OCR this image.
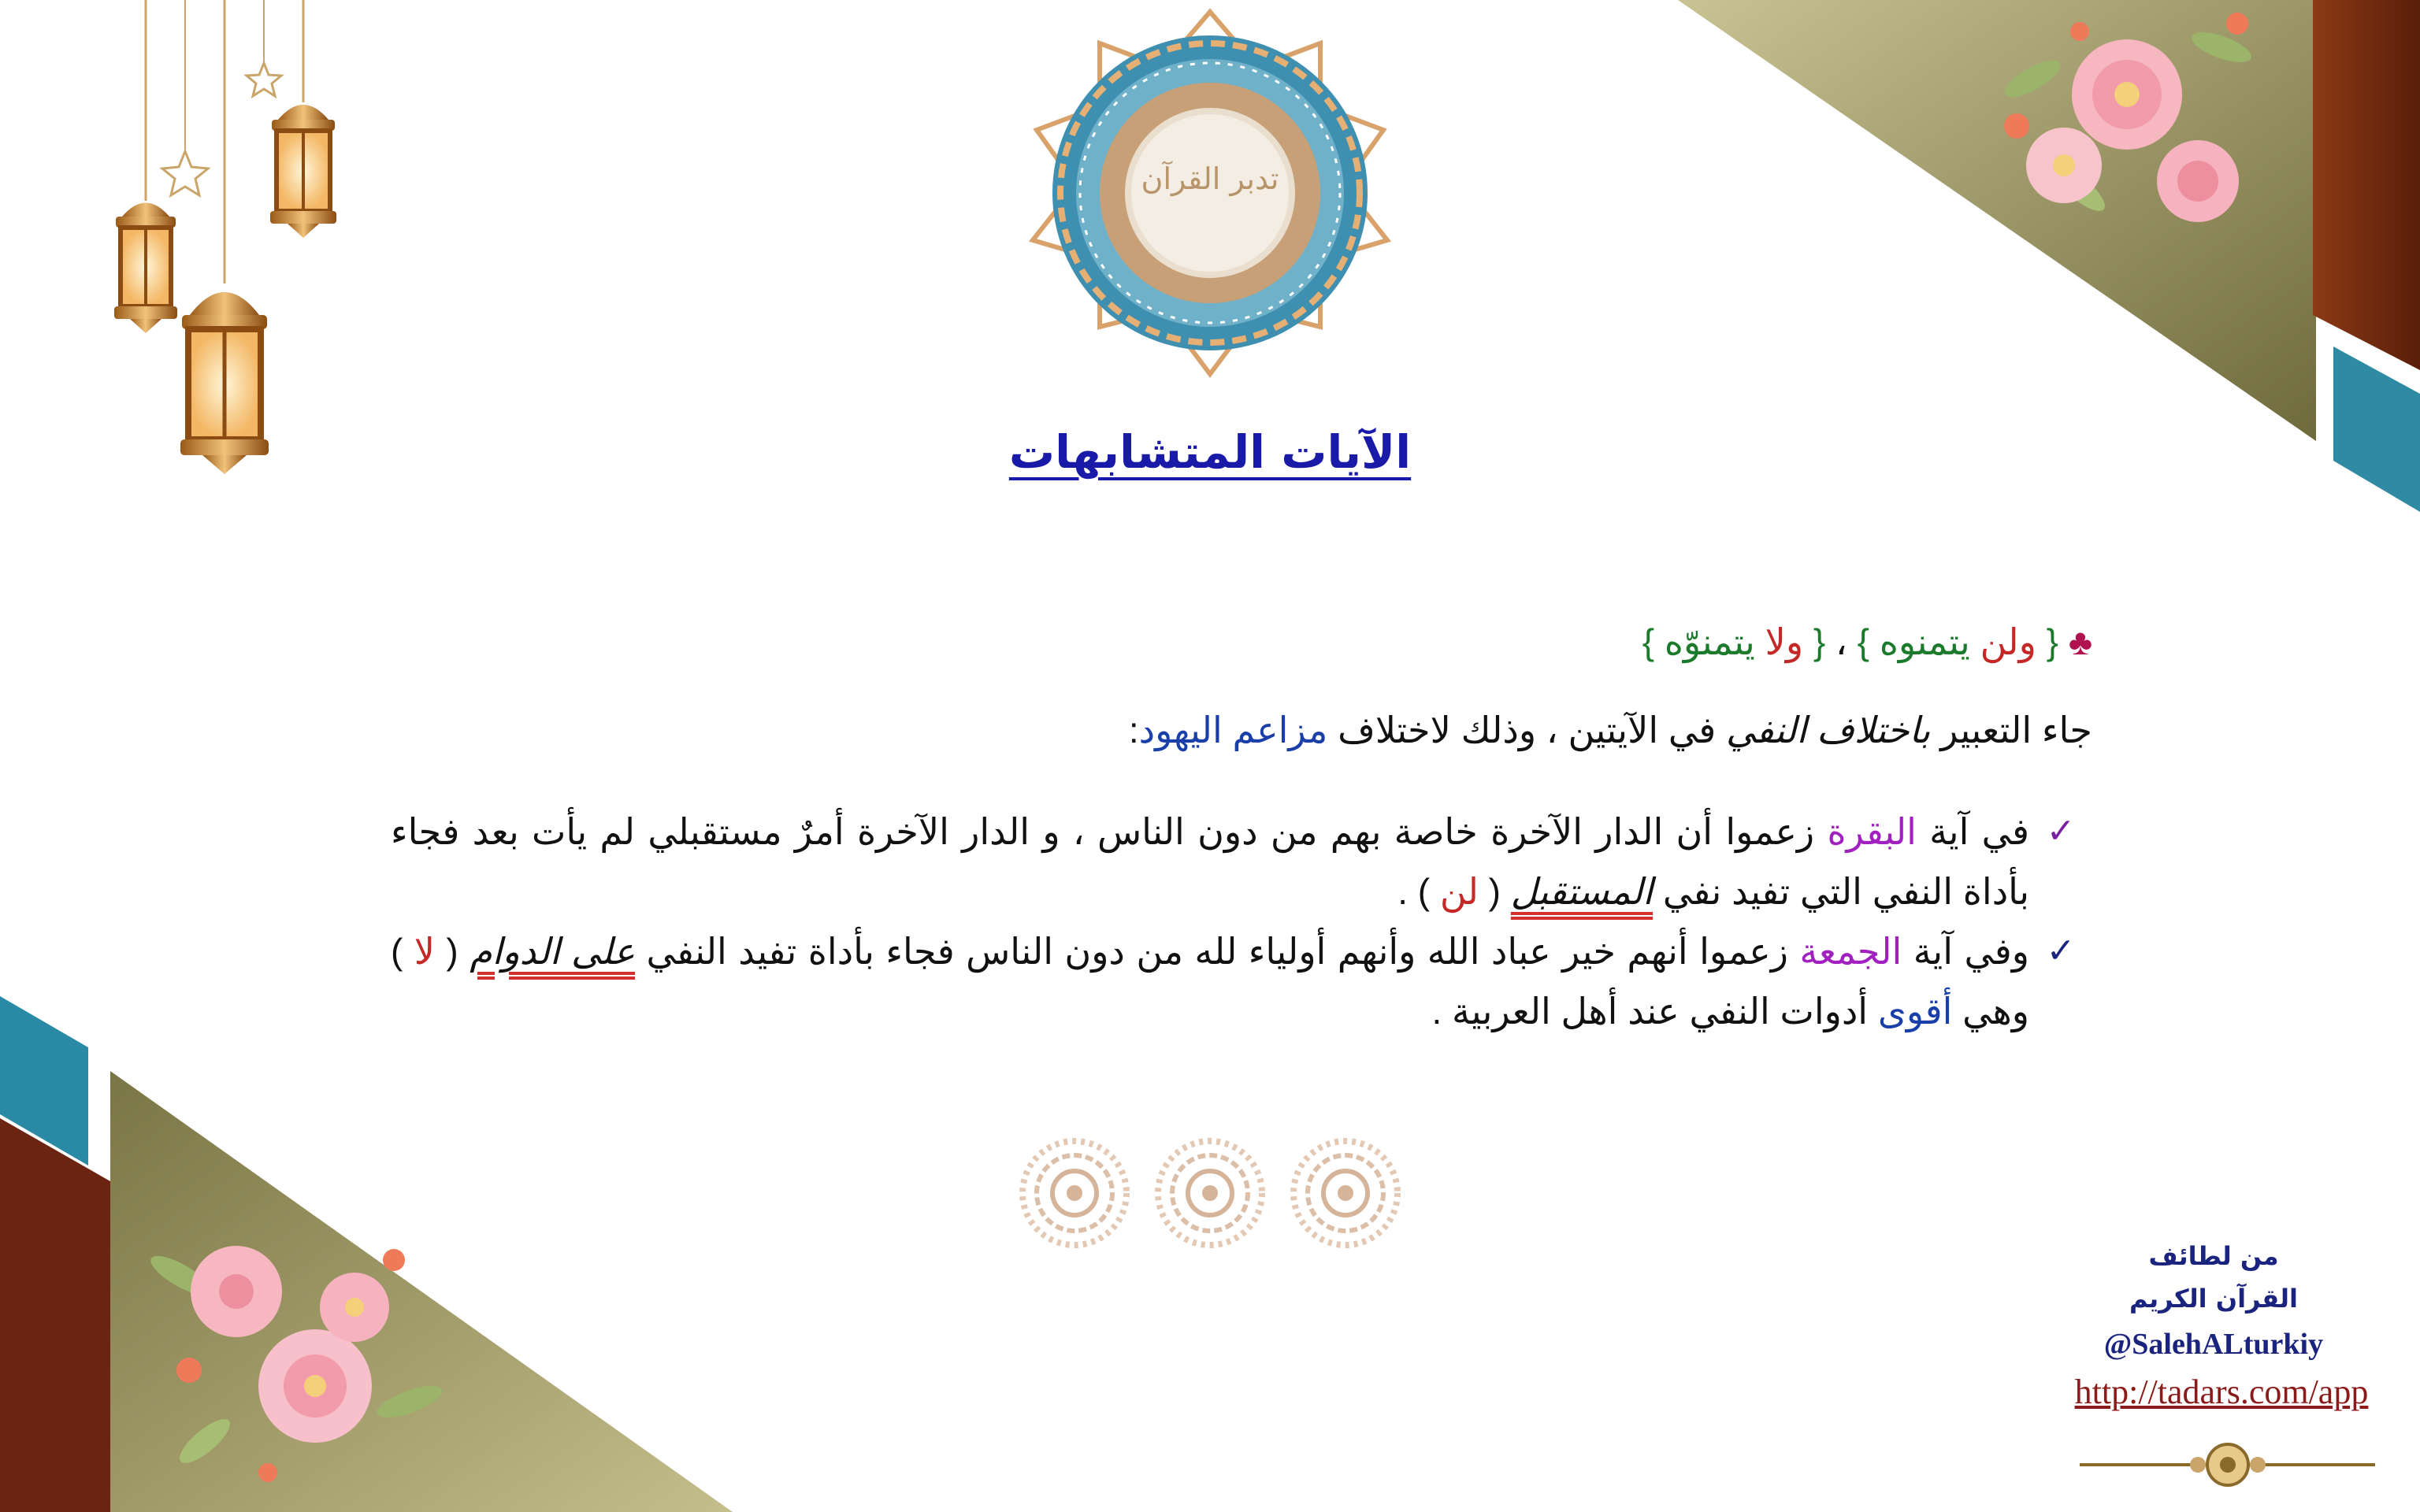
تدبر القرآن
الآيات المتشابهات
♣ { ولن يتمنوه } ، { ولا يتمنوّه }
جاء التعبير باختلاف النفي في الآيتين ، وذلك لاختلاف مزاعم اليهود:
✓
في آية البقرة زعموا أن الدار الآخرة خاصة بهم من دون الناس ، و الدار الآخرة أمرٌ مستقبلي لم يأت بعد فجاء بأداة النفي التي تفيد نفي المستقبل ( لن ) .
✓
وفي آية الجمعة زعموا أنهم خير عباد الله وأنهم أولياء لله من دون الناس فجاء بأداة تفيد النفي على الدوام ( لا ) وهي أقوى أدوات النفي عند أهل العربية .
من لطائف
القرآن الكريم
@SalehALturkiy
http://tadars.com/app
